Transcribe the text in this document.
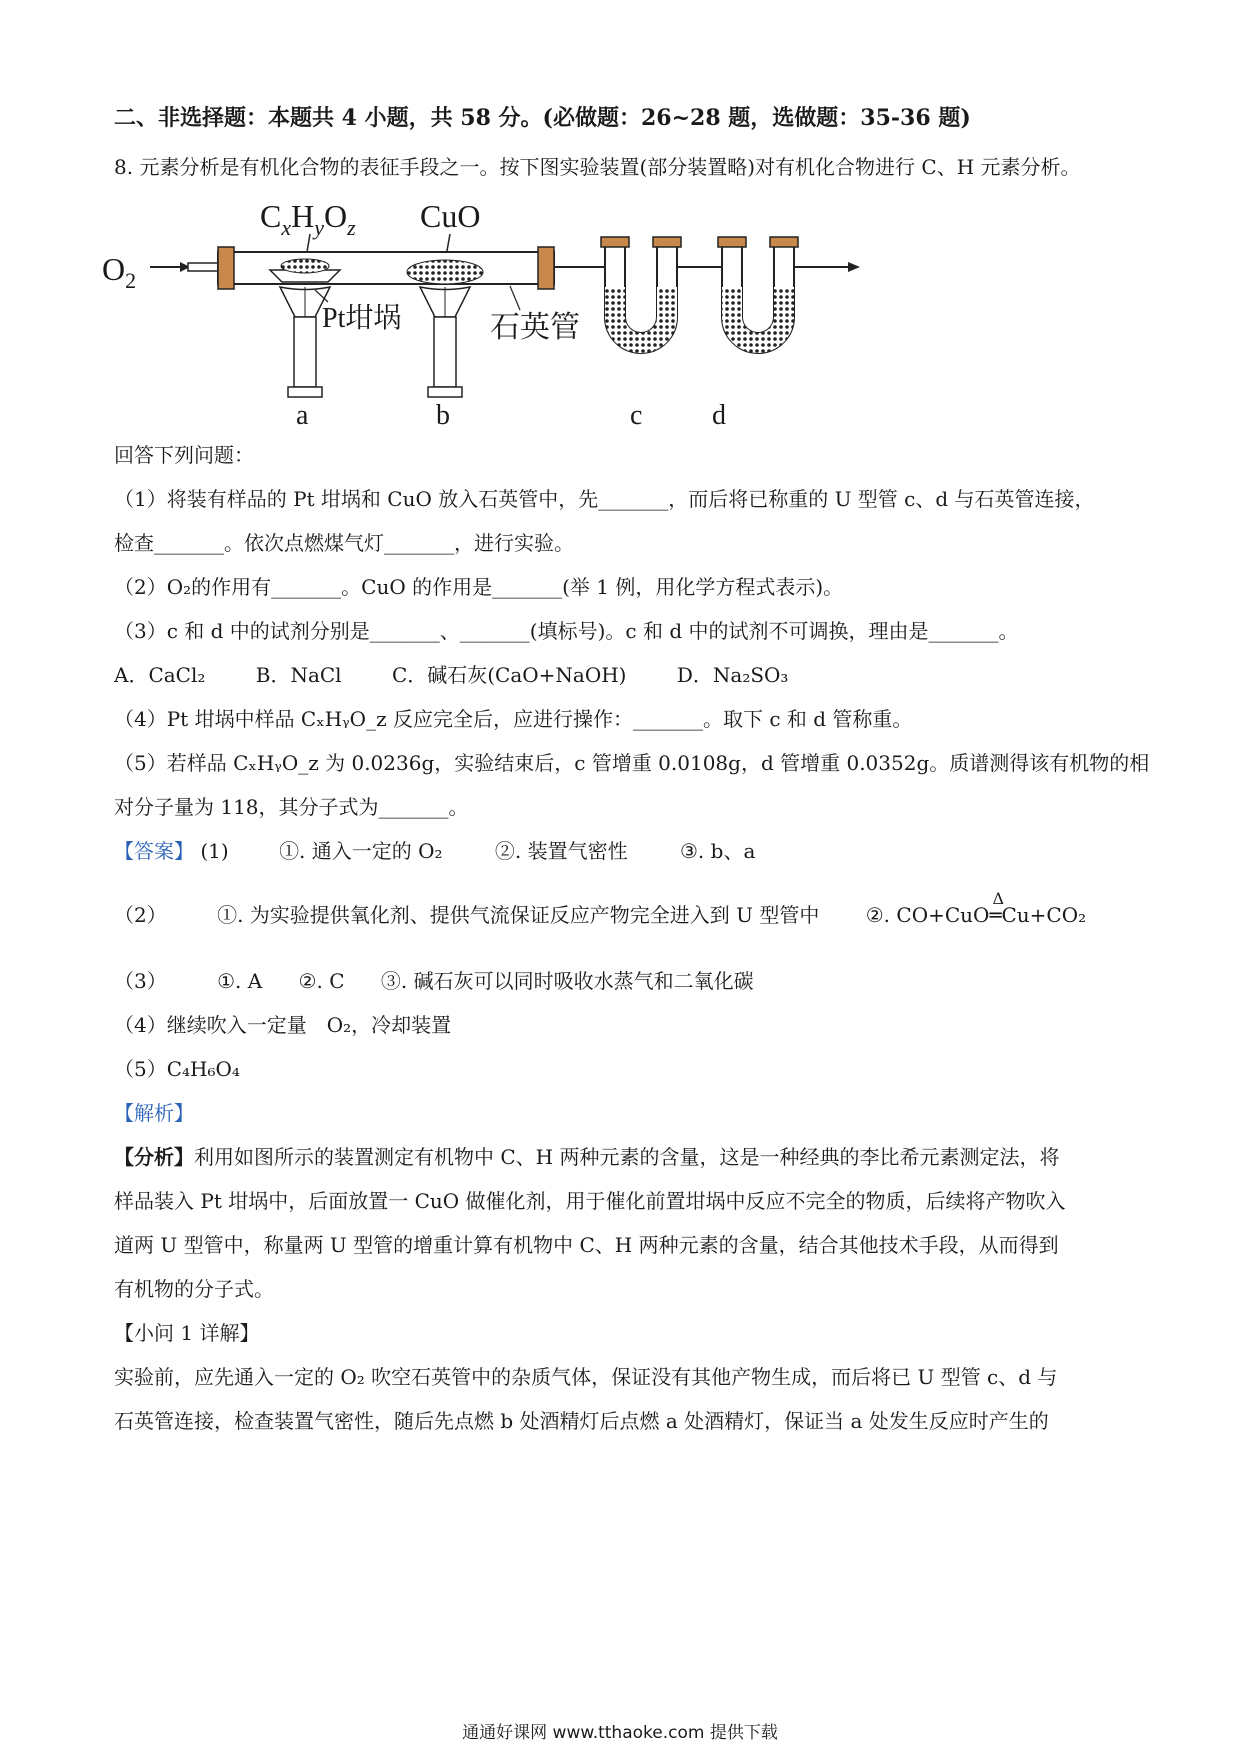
二、非选择题：本题共 4 小题，共 58 分。(必做题：26~28 题，选做题：35-36 题)
8. 元素分析是有机化合物的表征手段之一。按下图实验装置(部分装置略)对有机化合物进行 C、H 元素分析。
$C_xH_yO_z$ CuO
$O_2$
a	b
Pt坩埚	石英管
c d
回答下列问题：
（1）将装有样品的 Pt 坩埚和 CuO 放入石英管中，先_______，而后将已称重的 U 型管 c、d 与石英管连接，
检查_______。依次点燃煤气灯_______，进行实验。
（2）O₂的作用有_______。CuO 的作用是_______(举 1 例，用化学方程式表示)。
（3）c 和 d 中的试剂分别是_______、_______(填标号)。c 和 d 中的试剂不可调换，理由是_______。
A．CaCl₂	B．NaCl	C．碱石灰(CaO+NaOH)	D．Na₂SO₃
（4）Pt 坩埚中样品 CₓHᵧO_z 反应完全后，应进行操作：_______。取下 c 和 d 管称重。
（5）若样品 CₓHᵧO_z 为 0.0236g，实验结束后，c 管增重 0.0108g，d 管增重 0.0352g。质谱测得该有机物的相
对分子量为 118，其分子式为_______。
【答案】 (1)	①. 通入一定的 O₂	②. 装置气密性	③. b、a
（2）	①. 为实验提供氧化剂、提供气流保证反应产物完全进入到 U 型管中 ②. CO+CuO
Δ
═Cu+CO₂
（3）	①. A ②. C ③. 碱石灰可以同时吸收水蒸气和二氧化碳
（4）继续吹入一定量　O₂，冷却装置
（5）C₄H₆O₄
【解析】
【分析】利用如图所示的装置测定有机物中 C、H 两种元素的含量，这是一种经典的李比希元素测定法，将
样品装入 Pt 坩埚中，后面放置一 CuO 做催化剂，用于催化前置坩埚中反应不完全的物质，后续将产物吹入
道两 U 型管中，称量两 U 型管的增重计算有机物中 C、H 两种元素的含量，结合其他技术手段，从而得到
有机物的分子式。
【小问 1 详解】
实验前，应先通入一定的 O₂ 吹空石英管中的杂质气体，保证没有其他产物生成，而后将已 U 型管 c、d 与
石英管连接，检查装置气密性，随后先点燃 b 处酒精灯后点燃 a 处酒精灯，保证当 a 处发生反应时产生的
通通好课网 www.tthaoke.com 提供下载
